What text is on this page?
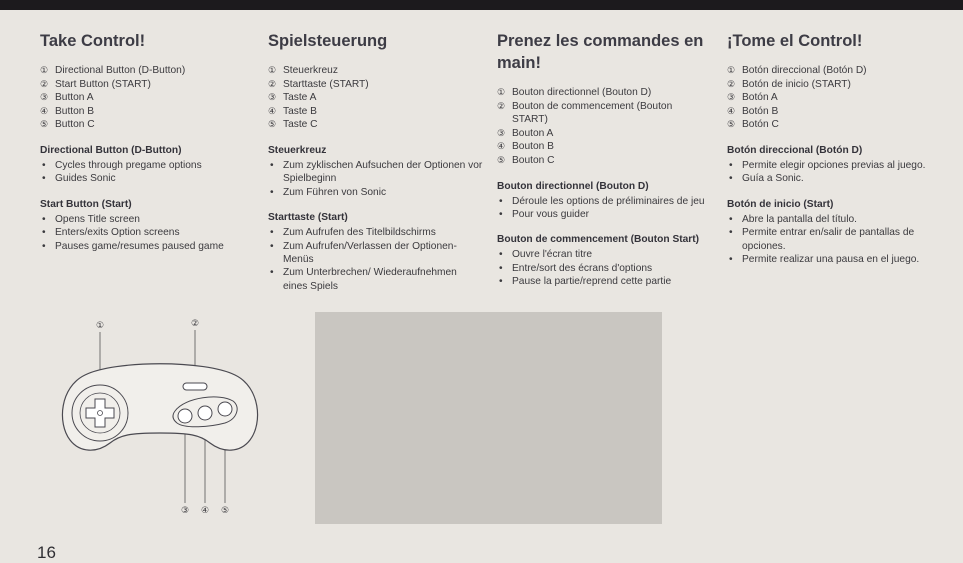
Take Control!
① Directional Button (D-Button)
② Start Button (START)
③ Button A
④ Button B
⑤ Button C
Directional Button (D-Button)
• Cycles through pregame options
• Guides Sonic
Start Button (Start)
• Opens Title screen
• Enters/exits Option screens
• Pauses game/resumes paused game
Spielsteuerung
① Steuerkreuz
② Starttaste (START)
③ Taste A
④ Taste B
⑤ Taste C
Steuerkreuz
• Zum zyklischen Aufsuchen der Optionen vor Spielbeginn
• Zum Führen von Sonic
Starttaste (Start)
• Zum Aufrufen des Titelbildschirms
• Zum Aufrufen/Verlassen der Optionen-Menüs
• Zum Unterbrechen/ Wiederaufnehmen eines Spiels
Prenez les commandes en main!
① Bouton directionnel (Bouton D)
② Bouton de commencement (Bouton START)
③ Bouton A
④ Bouton B
⑤ Bouton C
Bouton directionnel (Bouton D)
• Déroule les options de préliminaires de jeu
• Pour vous guider
Bouton de commencement (Bouton Start)
• Ouvre l'écran titre
• Entre/sort des écrans d'options
• Pause la partie/reprend cette partie
¡Tome el Control!
① Botón direccional (Botón D)
② Botón de inicio (START)
③ Botón A
④ Botón B
⑤ Botón C
Botón direccional (Botón D)
• Permite elegir opciones previas al juego.
• Guía a Sonic.
Botón de inicio (Start)
• Abre la pantalla del título.
• Permite entrar en/salir de pantallas de opciones.
• Permite realizar una pausa en el juego.
①	②
③ ④ ⑤
16
